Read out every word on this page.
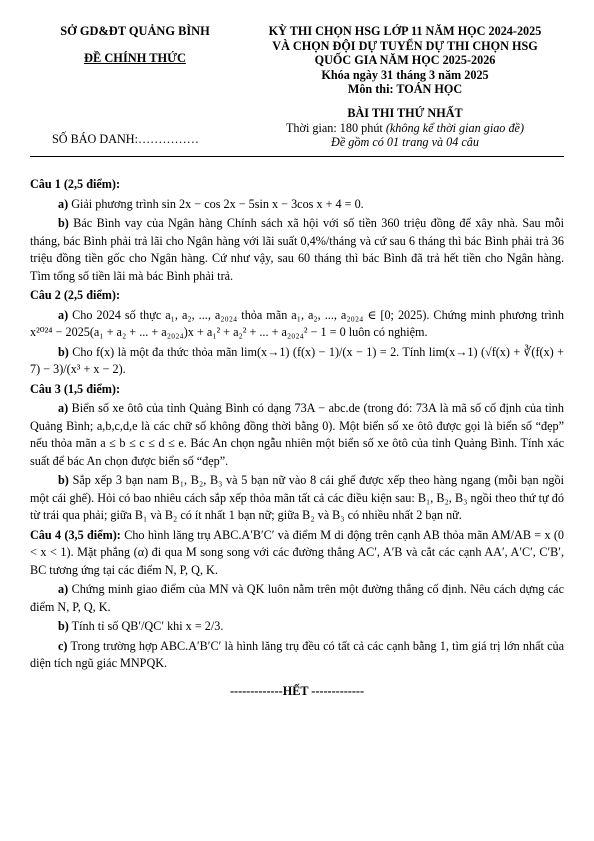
SỞ GD&ĐT QUẢNG BÌNH
ĐỀ CHÍNH THỨC
KỲ THI CHỌN HSG LỚP 11 NĂM HỌC 2024-2025
VÀ CHỌN ĐỘI DỰ TUYỂN DỰ THI CHỌN HSG
QUỐC GIA NĂM HỌC 2025-2026
Khóa ngày 31 tháng 3 năm 2025
Môn thi: TOÁN HỌC
BÀI THI THỨ NHẤT
Thời gian: 180 phút (không kể thời gian giao đề)
Đề gồm có 01 trang và 04 câu
SỐ BÁO DANH:……………
Câu 1 (2,5 điểm):
a) Giải phương trình sin 2x − cos 2x − 5sin x − 3cos x + 4 = 0.
b) Bác Bình vay của Ngân hàng Chính sách xã hội với số tiền 360 triệu đồng để xây nhà. Sau mỗi tháng, bác Bình phải trả lãi cho Ngân hàng với lãi suất 0,4%/tháng và cứ sau 6 tháng thì bác Bình phải trả 36 triệu đồng tiền gốc cho Ngân hàng. Cứ như vậy, sau 60 tháng thì bác Bình đã trả hết tiền cho Ngân hàng. Tìm tổng số tiền lãi mà bác Bình phải trả.
Câu 2 (2,5 điểm):
a) Cho 2024 số thực a₁, a₂, ..., a₂₀₂₄ thỏa mãn a₁, a₂, ..., a₂₀₂₄ ∈ [0; 2025). Chứng minh phương trình x²⁰²⁴ − 2025(a₁ + a₂ + ... + a₂₀₂₄)x + a₁² + a₂² + ... + a₂₀₂₄² − 1 = 0 luôn có nghiệm.
b) Cho f(x) là một đa thức thỏa mãn lim(x→1) (f(x) − 1)/(x − 1) = 2. Tính lim(x→1) (√f(x) + ∛(f(x) + 7) − 3)/(x³ + x − 2).
Câu 3 (1,5 điểm):
a) Biển số xe ôtô của tỉnh Quảng Bình có dạng 73A − abc.de (trong đó: 73A là mã số cố định của tỉnh Quảng Bình; a,b,c,d,e là các chữ số không đồng thời bằng 0). Một biển số xe ôtô được gọi là biển số “đẹp” nếu thỏa mãn a ≤ b ≤ c ≤ d ≤ e. Bác An chọn ngẫu nhiên một biển số xe ôtô của tỉnh Quảng Bình. Tính xác suất để bác An chọn được biển số “đẹp”.
b) Sắp xếp 3 bạn nam B₁, B₂, B₃ và 5 bạn nữ vào 8 cái ghế được xếp theo hàng ngang (mỗi bạn ngồi một cái ghế). Hỏi có bao nhiêu cách sắp xếp thỏa mãn tất cả các điều kiện sau: B₁, B₂, B₃ ngồi theo thứ tự đó từ trái qua phải; giữa B₁ và B₂ có ít nhất 1 bạn nữ; giữa B₂ và B₃ có nhiều nhất 2 bạn nữ.
Câu 4 (3,5 điểm): Cho hình lăng trụ ABC.A′B′C′ và điểm M di động trên cạnh AB thỏa mãn AM/AB = x (0 < x < 1). Mặt phẳng (α) đi qua M song song với các đường thẳng AC′, A′B và cắt các cạnh AA′, A′C′, C′B′, BC tương ứng tại các điểm N, P, Q, K.
a) Chứng minh giao điểm của MN và QK luôn nằm trên một đường thẳng cố định. Nêu cách dựng các điểm N, P, Q, K.
b) Tính tỉ số QB′/QC′ khi x = 2/3.
c) Trong trường hợp ABC.A′B′C′ là hình lăng trụ đều có tất cả các cạnh bằng 1, tìm giá trị lớn nhất của diện tích ngũ giác MNPQK.
-------------HẾT -------------
